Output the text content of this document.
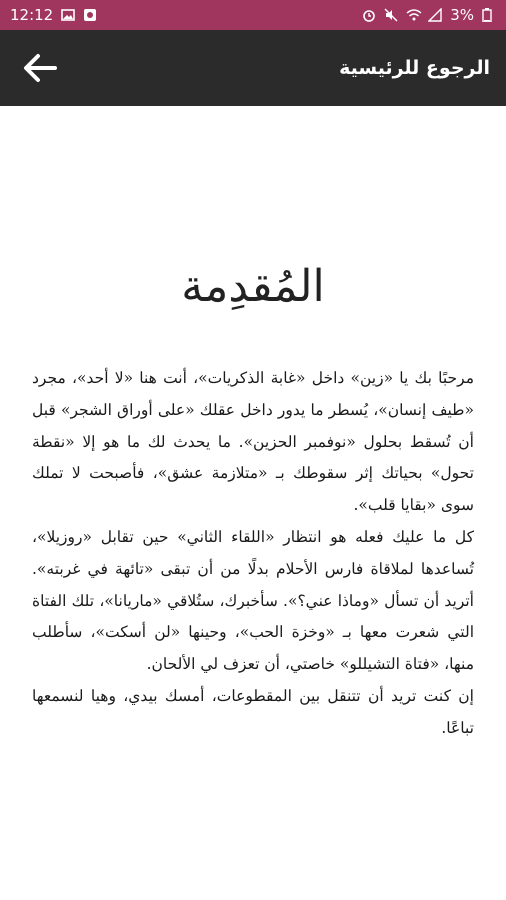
12:12	3%
الرجوع للرئيسية
المُقدِمة

مرحبًا بك يا «زين» داخل «غابة الذكريات»، أنت هنا «لا أحد»، مجرد «طيف إنسان»، يُسطر ما يدور داخل عقلك «على أوراق الشجر» قبل أن تُسقط بحلول «نوفمبر الحزين». ما يحدث لك ما هو إلا «نقطة تحول» بحياتك إثر سقوطك بـ «متلازمة عشق»، فأصبحت لا تملك سوى «بقايا قلب».

كل ما عليك فعله هو انتظار «اللقاء الثاني» حين تقابل «روزيلا»، تُساعدها لملاقاة فارس الأحلام بدلًا من أن تبقى «تائهة في غربته». أتريد أن تسأل «وماذا عني؟». سأخبرك، ستُلاقي «ماريانا»، تلك الفتاة التي شعرت معها بـ «وخزة الحب»، وحينها «لن أسكت»، سأطلب منها، «فتاة التشيللو» خاصتي، أن تعزف لي الألحان.

إن كنت تريد أن تتنقل بين المقطوعات، أمسك بيدي، وهيا لنسمعها تباعًا.
